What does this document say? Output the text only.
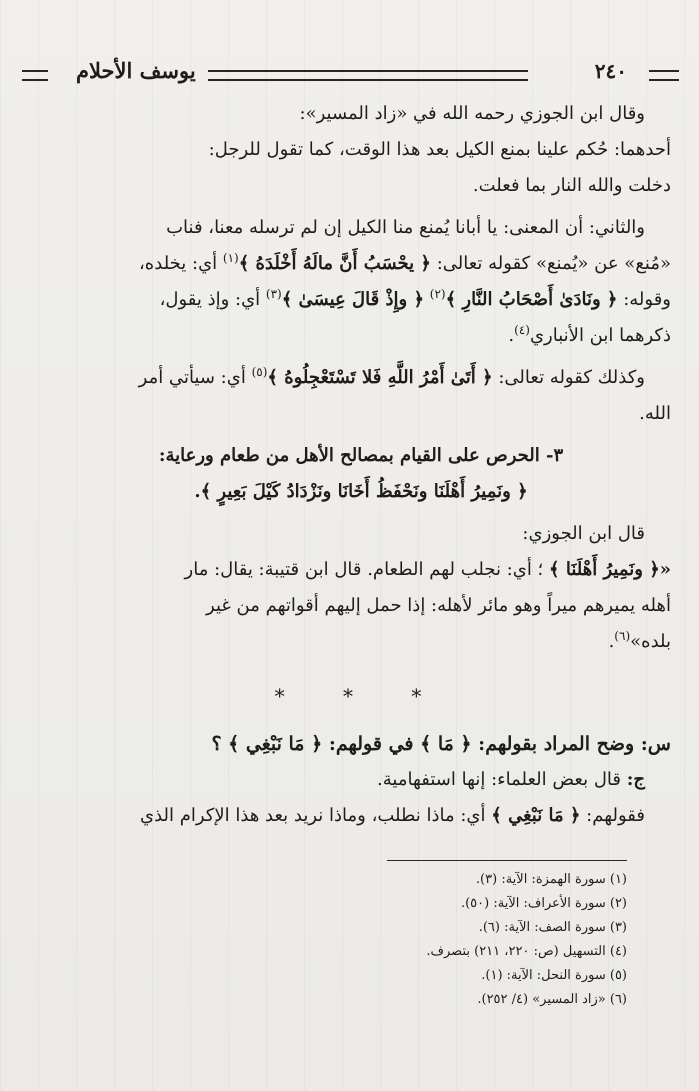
٢٤٠
يوسف الأحلام

وقال ابن الجوزي رحمه الله في «زاد المسير»:

أحدهما: حُكم علينا بمنع الكيل بعد هذا الوقت، كما تقول للرجل:
دخلت والله النار بما فعلت.

والثاني: أن المعنى: يا أبانا يُمنع منا الكيل إن لم ترسله معنا، فناب
«مُنع» عن «يُمنع» كقوله تعالى: ﴿ يحْسَبُ أَنَّ مالَهُ أَخْلَدَهُ ﴾$^{(١)}$ أي: يخلده،
وقوله: ﴿ ونَادَىٰ أَصْحَابُ النَّارِ ﴾$^{(٢)}$ ﴿ وإِذْ قَالَ عِيسَىٰ ﴾$^{(٣)}$ أي: وإذ يقول،
ذكرهما ابن الأنباري$^{(٤)}$.

وكذلك كقوله تعالى: ﴿ أَتَىٰ أَمْرُ اللَّهِ فَلا تَسْتَعْجِلُوهُ ﴾$^{(٥)}$ أي: سيأتي أمر
الله.

٣- الحرص على القيام بمصالح الأهل من طعام ورعاية:

﴿ ونَمِيرُ أَهْلَنَا ونَحْفَظُ أَخَانَا ونَزْدَادُ كَيْلَ بَعِيرٍ ﴾.

قال ابن الجوزي:

«﴿ ونَمِيرُ أَهْلَنَا ﴾ ؛ أي: نجلب لهم الطعام. قال ابن قتيبة: يقال: مار
أهله يميرهم ميراً وهو مائر لأهله: إذا حمل إليهم أقواتهم من غير
بلده»$^{(٦)}$.

* * *

س: وضح المراد بقولهم: ﴿ مَا ﴾ في قولهم: ﴿ مَا نَبْغِي ﴾ ؟

ج: قال بعض العلماء: إنها استفهامية.

فقولهم: ﴿ مَا نَبْغِي ﴾ أي: ماذا نطلب، وماذا نريد بعد هذا الإكرام الذي

(١) سورة الهمزة: الآية: (٣).

(٢) سورة الأعراف: الآية: (٥٠).

(٣) سورة الصف: الآية: (٦).

(٤) التسهيل (ص: ٢٢٠، ٢١١) بتصرف.

(٥) سورة النحل: الآية: (١).

(٦) «زاد المسير» (٤/ ٢٥٢).
